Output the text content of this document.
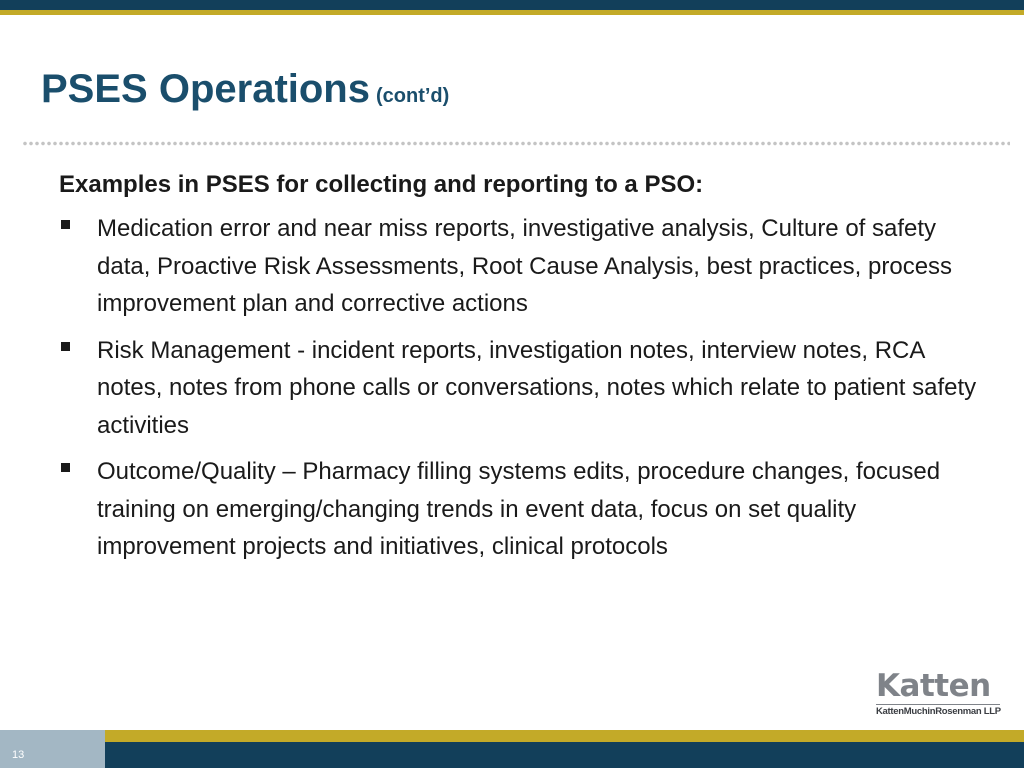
PSES Operations (cont’d)

Examples in PSES for collecting and reporting to a PSO:

Medication error and near miss reports, investigative analysis, Culture of safety data, Proactive Risk Assessments, Root Cause Analysis, best practices, process improvement plan and corrective actions
Risk Management - incident reports, investigation notes, interview notes, RCA notes, notes from phone calls or conversations, notes which relate to patient safety activities
Outcome/Quality – Pharmacy filling systems edits, procedure changes, focused training on emerging/changing trends in event data, focus on set quality improvement projects and initiatives, clinical protocols
Katten
KattenMuchinRosenman LLP
13
